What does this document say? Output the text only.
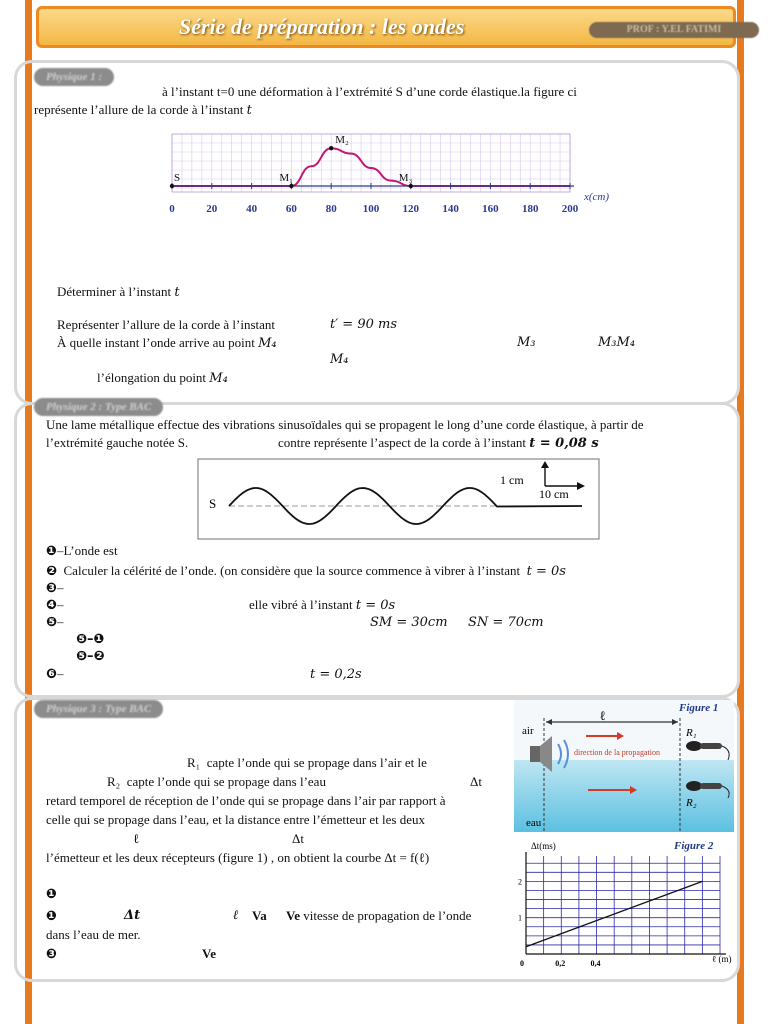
Série de préparation : les ondes	PROF : Y.EL FATIMI
Physique 1 :
à l’instant t=0 une déformation à l’extrémité S d’une corde élastique.la figure ci
représente l’allure de la corde à l’instant t
0	20	40	60	80 100 120 140 160 180 200
S	M₁
M₂
M₃
x(cm)
Déterminer à l’instant t
Représenter l’allure de la corde à l’instant	t′ = 90 ms
À quelle instant l’onde arrive au point M₄	M₃	M₃M₄
M₄
l’élongation du point M₄
Physique 2 : Type BAC
Une lame métallique effectue des vibrations sinusoïdales qui se propagent le long d’une corde élastique, à partir de
l’extrémité gauche notée S.	contre représente l’aspect de la corde à l’instant t = 0,08 s
S
1 cm
10 cm
❶–L’onde est
❷ Calculer la célérité de l’onde. (on considère que la source commence à vibrer à l’instant t = 0s
❸–
❹–	elle vibré à l’instant t = 0s
❺–	SM = 30cm SN = 70cm
❺–❶
❺–❷
❻–	t = 0,2s
Physique 3 : Type BAC
R₁ capte l’onde qui se propage dans l’air et le
R₂ capte l’onde qui se propage dans l’eau	Δt
retard temporel de réception de l’onde qui se propage dans l’air par rapport à
celle qui se propage dans l’eau, et la distance entre l’émetteur et les deux
ℓ	Δt
l’émetteur et les deux récepteurs (figure 1) , on obtient la courbe Δt = f(ℓ)
❶
❶	Δt	ℓ Va Ve vitesse de propagation de l’onde
dans l’eau de mer.
❸	Ve
Figure 1
air
eau
ℓ
direction de la propagation
R₁
R₂
Figure 2
0	0,2	0,4
1
2
Δt(ms)
ℓ (m)
